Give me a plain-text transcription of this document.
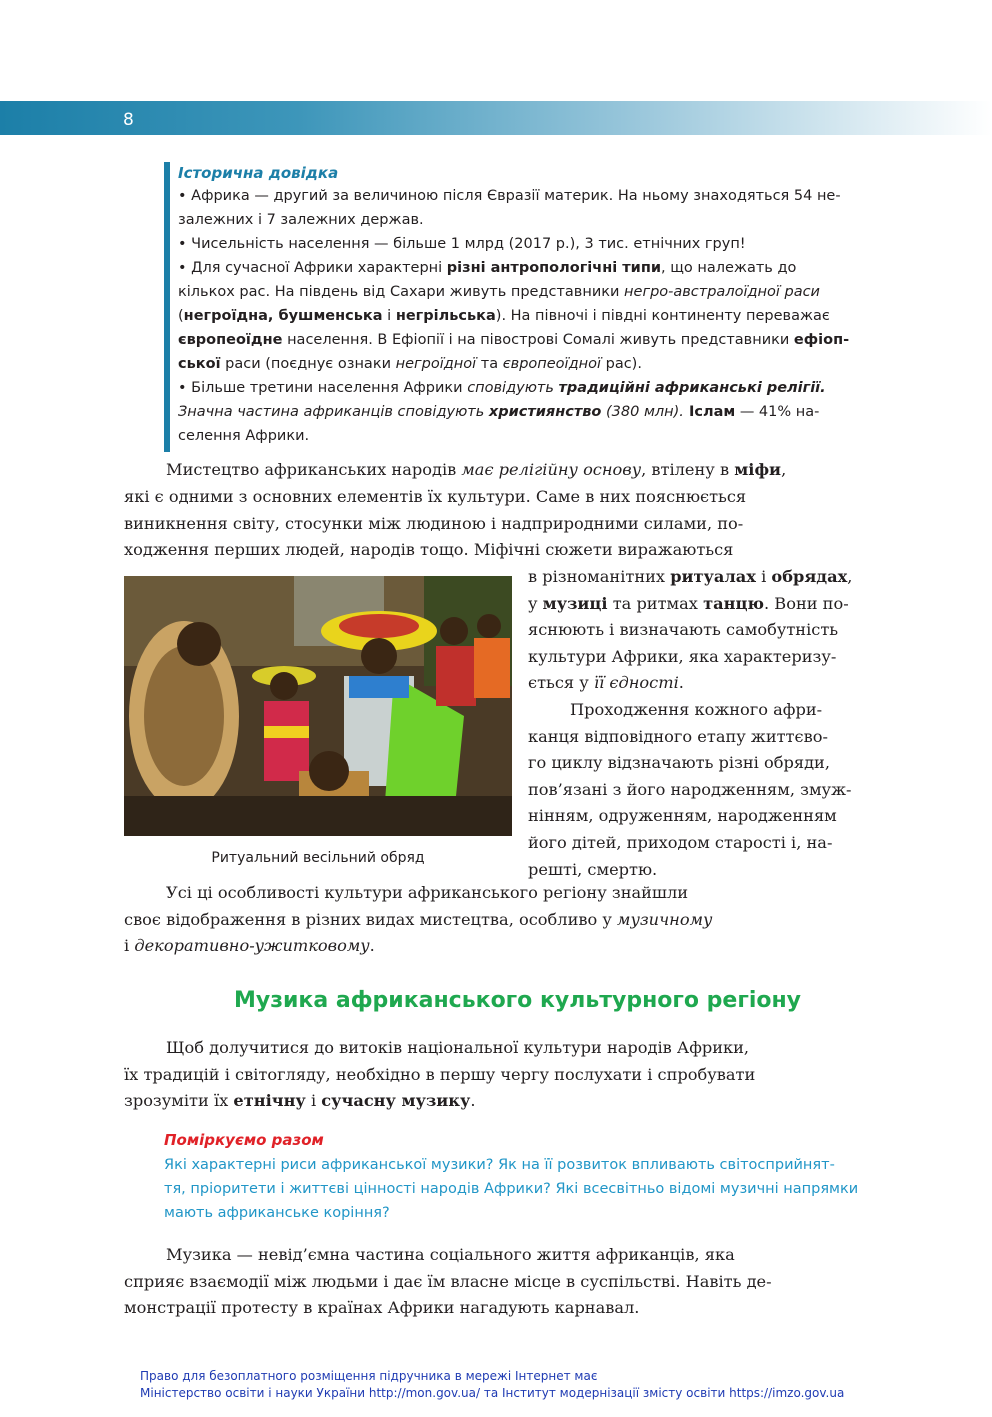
8
Історична довідка
• Африка — другий за величиною після Євразії материк. На ньому знаходяться 54 не-
залежних і 7 залежних держав.
• Чисельність населення — більше 1 млрд (2017 р.), 3 тис. етнічних груп!
• Для сучасної Африки характерні різні антропологічні типи, що належать до
кількох рас. На південь від Сахари живуть представники негро-австралоїдної раси
(негроїдна, бушменська і негрільська). На півночі і півдні континенту переважає
європеоїдне населення. В Ефіопії і на півострові Сомалі живуть представники ефіоп-
ської раси (поєднує ознаки негроїдної та європеоїдної рас).
• Більше третини населення Африки сповідують традиційні африканські релігії.
Значна частина африканців сповідують християнство (380 млн). Іслам — 41% на-
селення Африки.
Мистецтво африканських народів має релігійну основу, втілену в міфи,
які є одними з основних елементів їх культури. Саме в них пояснюється
виникнення світу, стосунки між людиною і надприродними силами, по-
ходження перших людей, народів тощо. Міфічні сюжети виражаються
Ритуальний весільний обряд
в різноманітних ритуалах і обрядах,
у музиці та ритмах танцю. Вони по-
яснюють і визначають самобутність
культури Африки, яка характеризу-
ється у її єдності.
Проходження кожного афри-
канця відповідного етапу життєво-
го циклу відзначають різні обряди,
пов’язані з його народженням, змуж-
нінням, одруженням, народженням
його дітей, приходом старості і, на-
решті, смертю.
Усі ці особливості культури африканського регіону знайшли
своє відображення в різних видах мистецтва, особливо у музичному
і декоративно-ужитковому.
Музика африканського культурного регіону
Щоб долучитися до витоків національної культури народів Африки,
їх традицій і світогляду, необхідно в першу чергу послухати і спробувати
зрозуміти їх етнічну і сучасну музику.
Поміркуємо разом
Які характерні риси африканської музики? Як на її розвиток впливають світосприйнят-
тя, пріоритети і життєві цінності народів Африки? Які всесвітньо відомі музичні напрямки
мають африканське коріння?
Музика — невід’ємна частина соціального життя африканців, яка
сприяє взаємодії між людьми і дає їм власне місце в суспільстві. Навіть де-
монстрації протесту в країнах Африки нагадують карнавал.
Право для безоплатного розміщення підручника в мережі Інтернет має
Міністерство освіти і науки України http://mon.gov.ua/ та Інститут модернізації змісту освіти https://imzo.gov.ua
